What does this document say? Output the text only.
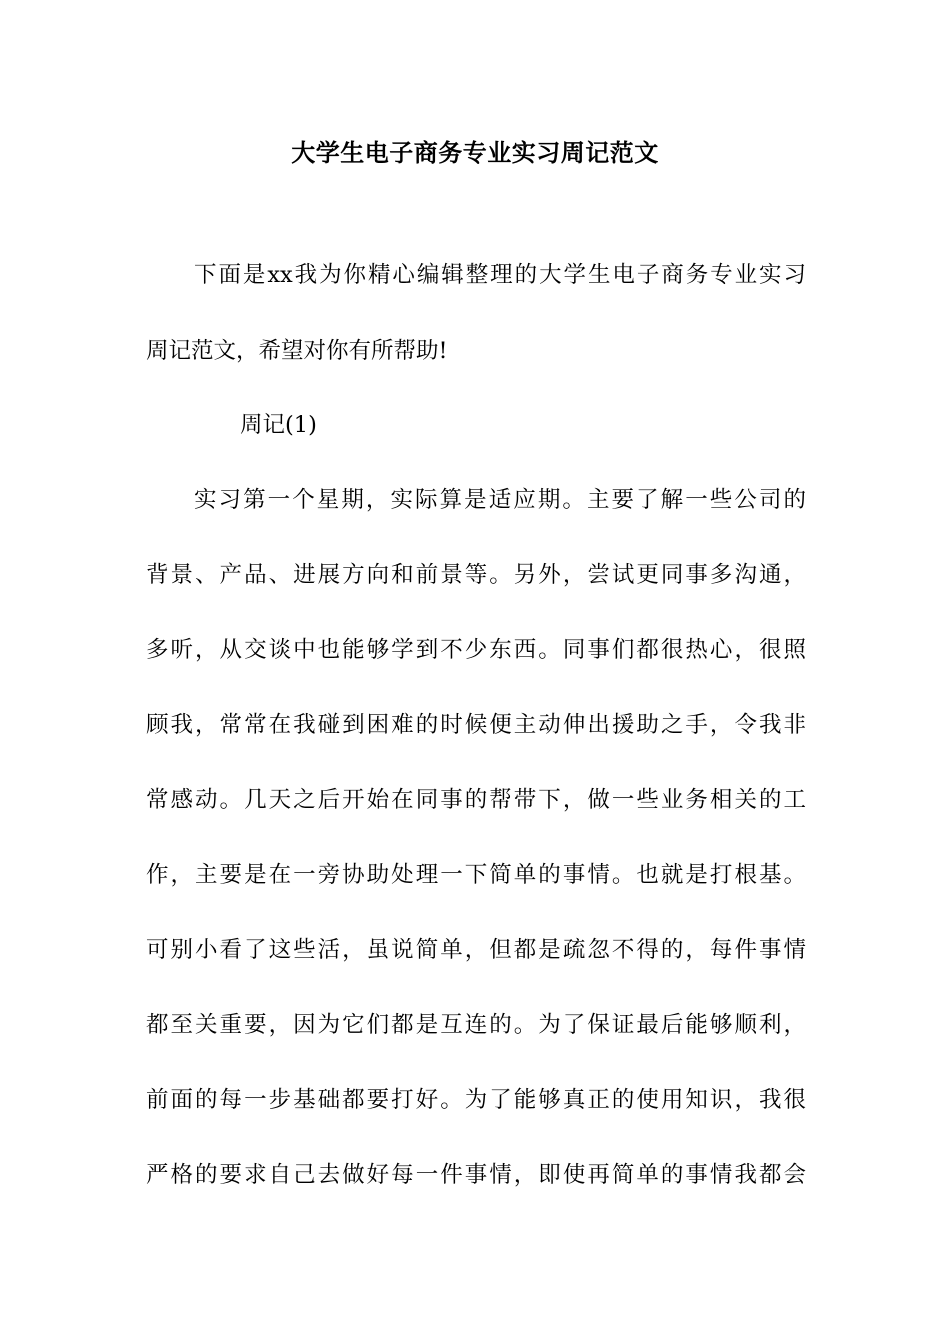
大学生电子商务专业实习周记范文
下面是xx我为你精心编辑整理的大学生电子商务专业实习
周记范文，希望对你有所帮助!
周记(1)
实习第一个星期，实际算是适应期。主要了解一些公司的
背景、产品、进展方向和前景等。另外，尝试更同事多沟通，
多听，从交谈中也能够学到不少东西。同事们都很热心，很照
顾我，常常在我碰到困难的时候便主动伸出援助之手，令我非
常感动。几天之后开始在同事的帮带下，做一些业务相关的工
作，主要是在一旁协助处理一下简单的事情。也就是打根基。
可别小看了这些活，虽说简单，但都是疏忽不得的，每件事情
都至关重要，因为它们都是互连的。为了保证最后能够顺利，
前面的每一步基础都要打好。为了能够真正的使用知识，我很
严格的要求自己去做好每一件事情，即使再简单的事情我都会
